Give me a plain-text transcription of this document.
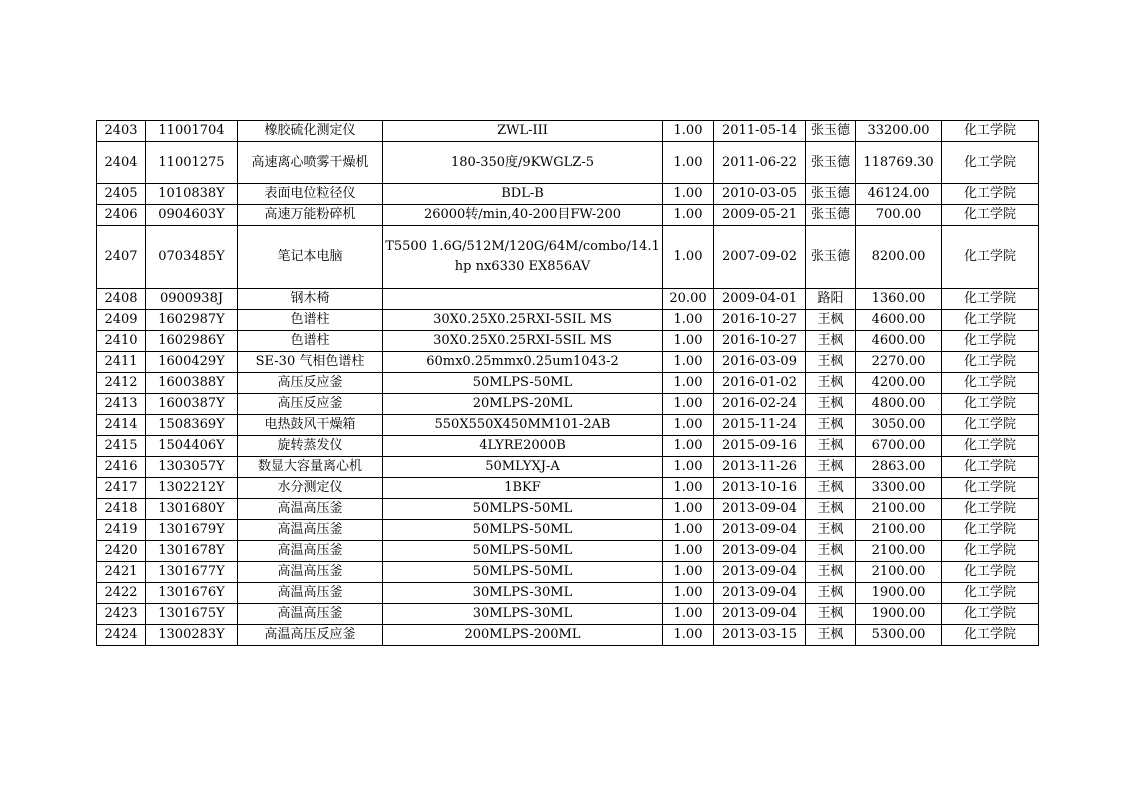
2403	11001704	橡胶硫化测定仪	ZWL-III	1.00	2011-05-14	张玉德	33200.00	化工学院
2404	11001275	高速离心喷雾干燥机	180-350度/9KWGLZ-5	1.00	2011-06-22	张玉德	118769.30	化工学院
2405	1010838Y	表面电位粒径仪	BDL-B	1.00	2010-03-05	张玉德	46124.00	化工学院
2406	0904603Y	高速万能粉碎机	26000转/min,40-200目FW-200	1.00	2009-05-21	张玉德	700.00	化工学院
2407	0703485Y	笔记本电脑	T5500 1.6G/512M/120G/64M/combo/14.1hp nx6330 EX856AV	1.00	2007-09-02	张玉德	8200.00	化工学院
2408	0900938J	钢木椅		20.00	2009-04-01	路阳	1360.00	化工学院
2409	1602987Y	色谱柱	30X0.25X0.25RXI-5SIL MS	1.00	2016-10-27	王枫	4600.00	化工学院
2410	1602986Y	色谱柱	30X0.25X0.25RXI-5SIL MS	1.00	2016-10-27	王枫	4600.00	化工学院
2411	1600429Y	SE-30 气相色谱柱	60mx0.25mmx0.25um1043-2	1.00	2016-03-09	王枫	2270.00	化工学院
2412	1600388Y	高压反应釜	50MLPS-50ML	1.00	2016-01-02	王枫	4200.00	化工学院
2413	1600387Y	高压反应釜	20MLPS-20ML	1.00	2016-02-24	王枫	4800.00	化工学院
2414	1508369Y	电热鼓风干燥箱	550X550X450MM101-2AB	1.00	2015-11-24	王枫	3050.00	化工学院
2415	1504406Y	旋转蒸发仪	4LYRE2000B	1.00	2015-09-16	王枫	6700.00	化工学院
2416	1303057Y	数显大容量离心机	50MLYXJ-A	1.00	2013-11-26	王枫	2863.00	化工学院
2417	1302212Y	水分测定仪	1BKF	1.00	2013-10-16	王枫	3300.00	化工学院
2418	1301680Y	高温高压釜	50MLPS-50ML	1.00	2013-09-04	王枫	2100.00	化工学院
2419	1301679Y	高温高压釜	50MLPS-50ML	1.00	2013-09-04	王枫	2100.00	化工学院
2420	1301678Y	高温高压釜	50MLPS-50ML	1.00	2013-09-04	王枫	2100.00	化工学院
2421	1301677Y	高温高压釜	50MLPS-50ML	1.00	2013-09-04	王枫	2100.00	化工学院
2422	1301676Y	高温高压釜	30MLPS-30ML	1.00	2013-09-04	王枫	1900.00	化工学院
2423	1301675Y	高温高压釜	30MLPS-30ML	1.00	2013-09-04	王枫	1900.00	化工学院
2424	1300283Y	高温高压反应釜	200MLPS-200ML	1.00	2013-03-15	王枫	5300.00	化工学院
